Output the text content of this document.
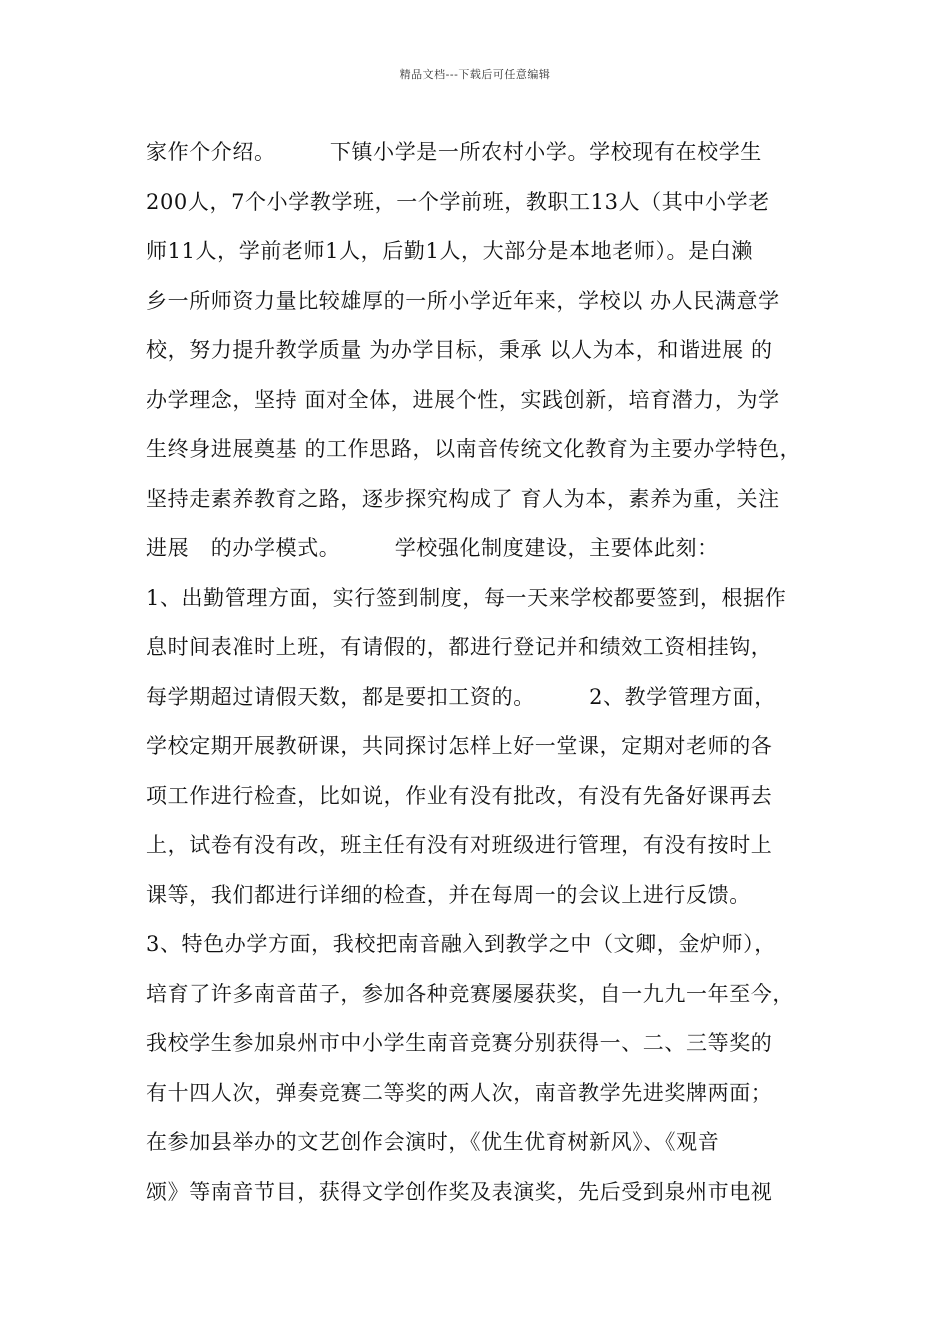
精品文档---下载后可任意编辑
家作个介绍。　　　下镇小学是一所农村小学。学校现有在校学生
200人，7个小学教学班，一个学前班，教职工13人（其中小学老
师11人，学前老师1人，后勤1人，大部分是本地老师）。是白濑
乡一所师资力量比较雄厚的一所小学近年来，学校以 办人民满意学
校，努力提升教学质量 为办学目标，秉承 以人为本，和谐进展 的
办学理念，坚持 面对全体，进展个性，实践创新，培育潜力，为学
生终身进展奠基 的工作思路，以南音传统文化教育为主要办学特色，
坚持走素养教育之路，逐步探究构成了 育人为本，素养为重，关注
进展　的办学模式。　　　学校强化制度建设，主要体此刻：
1、出勤管理方面，实行签到制度，每一天来学校都要签到，根据作
息时间表准时上班，有请假的，都进行登记并和绩效工资相挂钩，
每学期超过请假天数，都是要扣工资的。　　　2、教学管理方面，
学校定期开展教研课，共同探讨怎样上好一堂课，定期对老师的各
项工作进行检查，比如说，作业有没有批改，有没有先备好课再去
上，试卷有没有改，班主任有没有对班级进行管理，有没有按时上
课等，我们都进行详细的检查，并在每周一的会议上进行反馈。
3、特色办学方面，我校把南音融入到教学之中（文卿，金炉师），
培育了许多南音苗子，参加各种竞赛屡屡获奖，自一九九一年至今，
我校学生参加泉州市中小学生南音竞赛分别获得一、二、三等奖的
有十四人次，弹奏竞赛二等奖的两人次，南音教学先进奖牌两面；
在参加县举办的文艺创作会演时，《优生优育树新风》、《观音
颂》等南音节目，获得文学创作奖及表演奖，先后受到泉州市电视
